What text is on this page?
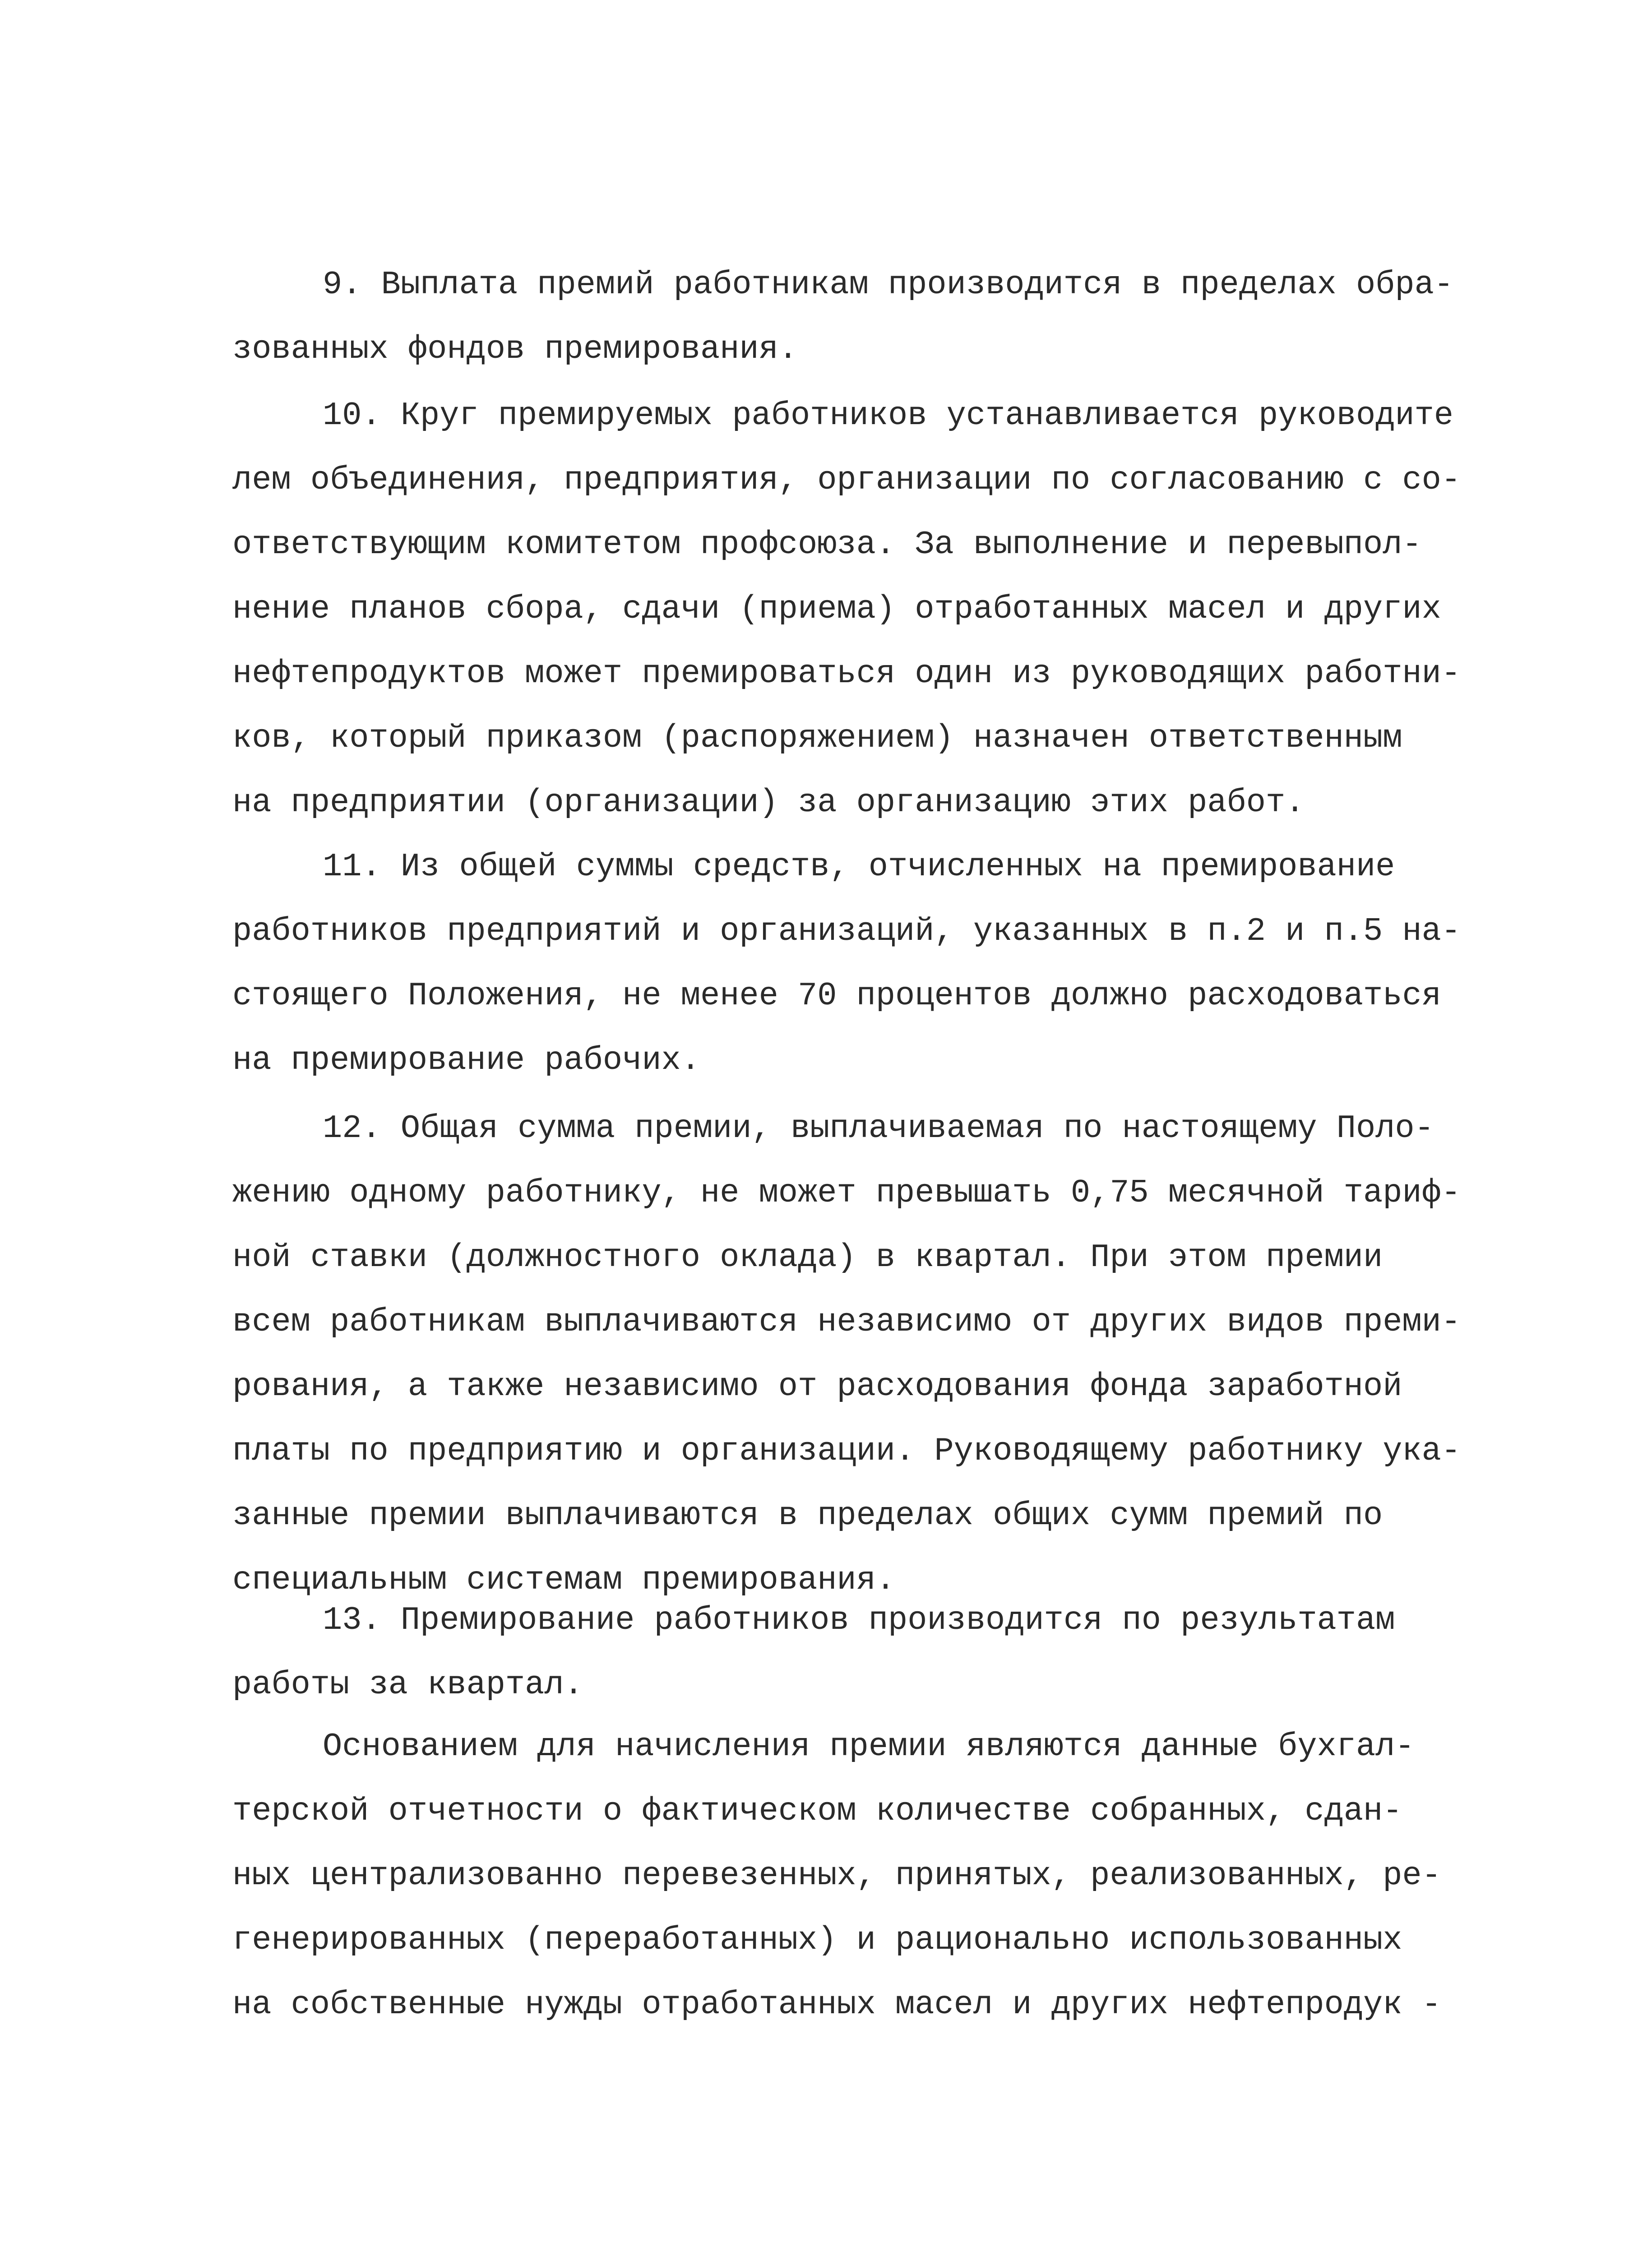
9. Выплата премий работникам производится в пределах обра-
зованных фондов премирования.
10. Круг премируемых работников устанавливается руководите
лем объединения, предприятия, организации по согласованию с со-
ответствующим комитетом профсоюза. За выполнение и перевыпол-
нение планов сбора, сдачи (приема) отработанных масел и других
нефтепродуктов может премироваться один из руководящих работни-
ков, который приказом (распоряжением) назначен ответственным
на предприятии (организации) за организацию этих работ.
11. Из общей суммы средств, отчисленных на премирование
работников предприятий и организаций, указанных в п.2 и п.5 на-
стоящего Положения, не менее 70 процентов должно расходоваться
на премирование рабочих.
12. Общая сумма премии, выплачиваемая по настоящему Поло-
жению одному работнику, не может превышать 0,75 месячной тариф-
ной ставки (должностного оклада) в квартал. При этом премии
всем работникам выплачиваются независимо от других видов преми-
рования, а также независимо от расходования фонда заработной
платы по предприятию и организации. Руководящему работнику ука-
занные премии выплачиваются в пределах общих сумм премий по
специальным системам премирования.
13. Премирование работников производится по результатам
работы за квартал.
Основанием для начисления премии являются данные бухгал-
терской отчетности о фактическом количестве собранных, сдан-
ных централизованно перевезенных, принятых, реализованных, ре-
генерированных (переработанных) и рационально использованных
на собственные нужды отработанных масел и других нефтепродук -
